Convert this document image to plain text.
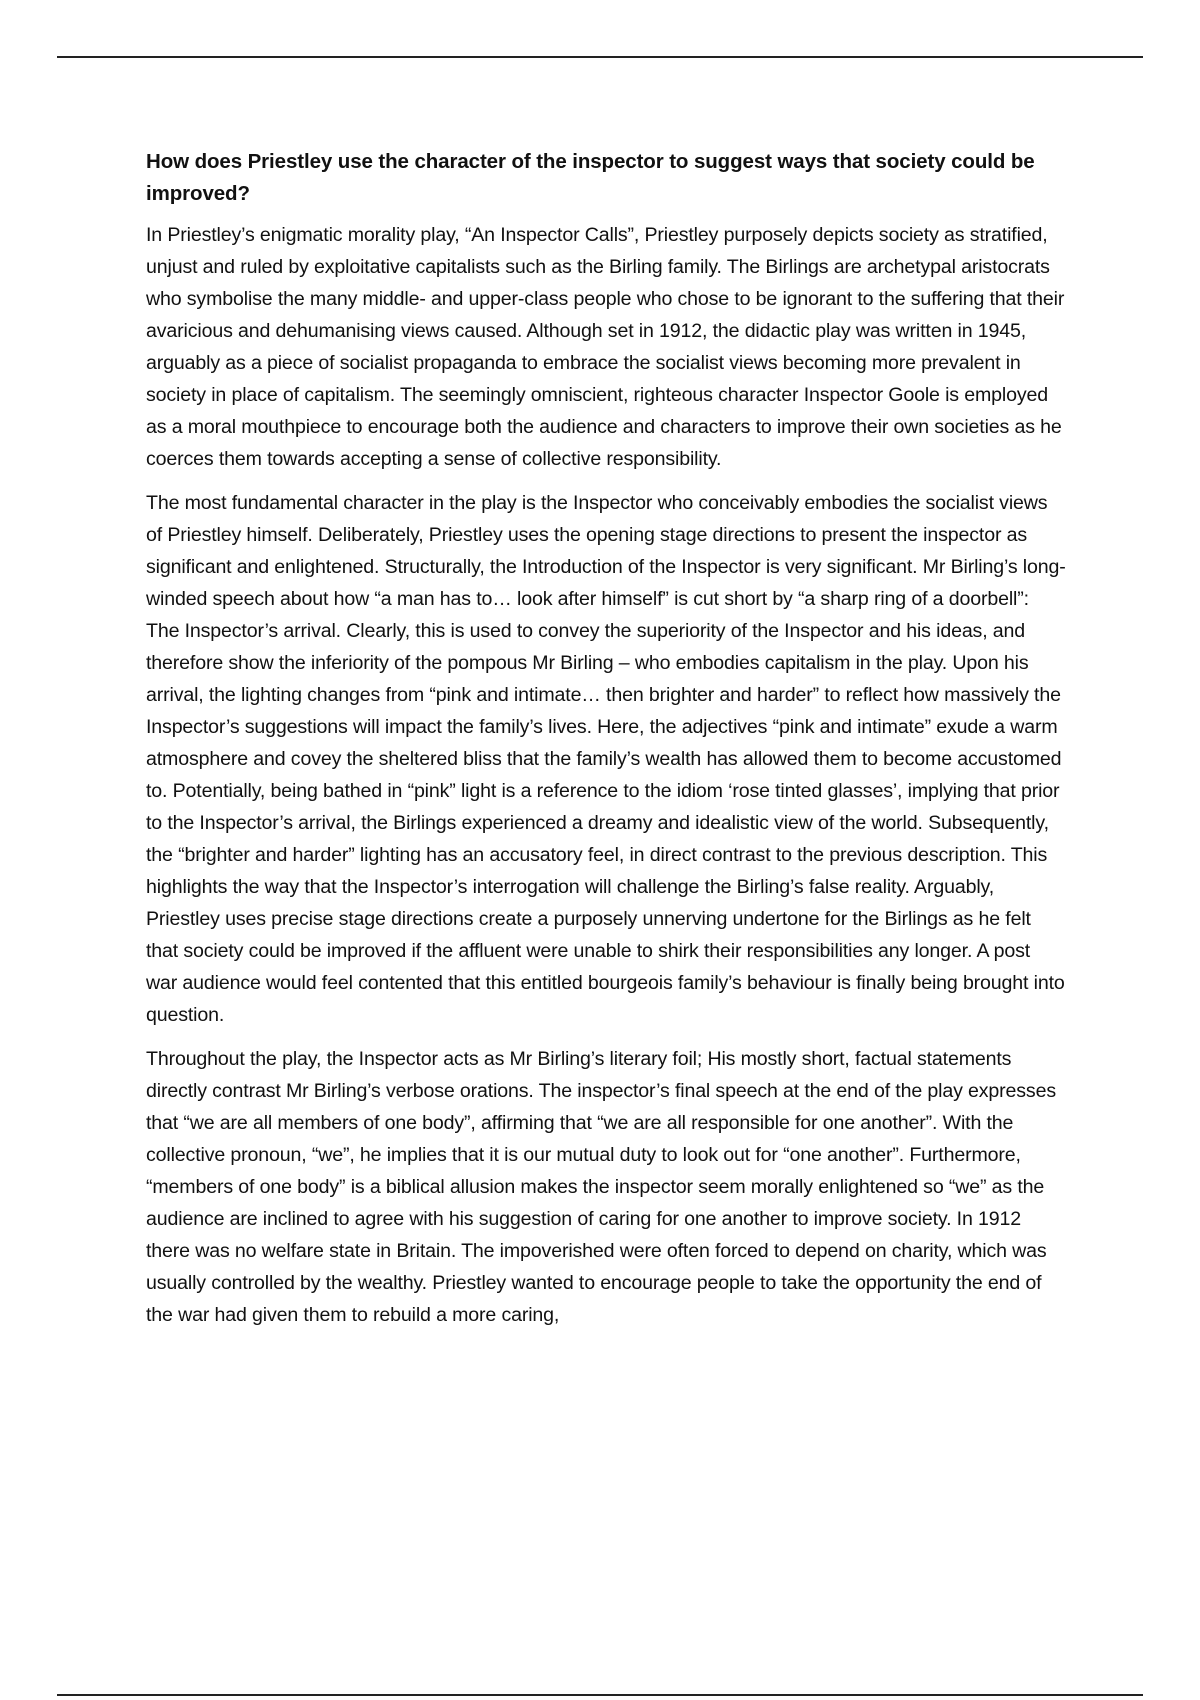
How does Priestley use the character of the inspector to suggest ways that society could be improved?

In Priestley’s enigmatic morality play, “An Inspector Calls”, Priestley purposely depicts society as stratified, unjust and ruled by exploitative capitalists such as the Birling family. The Birlings are archetypal aristocrats who symbolise the many middle- and upper-class people who chose to be ignorant to the suffering that their avaricious and dehumanising views caused. Although set in 1912, the didactic play was written in 1945, arguably as a piece of socialist propaganda to embrace the socialist views becoming more prevalent in society in place of capitalism. The seemingly omniscient, righteous character Inspector Goole is employed as a moral mouthpiece to encourage both the audience and characters to improve their own societies as he coerces them towards accepting a sense of collective responsibility.

The most fundamental character in the play is the Inspector who conceivably embodies the socialist views of Priestley himself. Deliberately, Priestley uses the opening stage directions to present the inspector as significant and enlightened. Structurally, the Introduction of the Inspector is very significant. Mr Birling’s long-winded speech about how “a man has to… look after himself” is cut short by “a sharp ring of a doorbell”: The Inspector’s arrival. Clearly, this is used to convey the superiority of the Inspector and his ideas, and therefore show the inferiority of the pompous Mr Birling – who embodies capitalism in the play. Upon his arrival, the lighting changes from “pink and intimate… then brighter and harder” to reflect how massively the Inspector’s suggestions will impact the family’s lives. Here, the adjectives “pink and intimate” exude a warm atmosphere and covey the sheltered bliss that the family’s wealth has allowed them to become accustomed to. Potentially, being bathed in “pink” light is a reference to the idiom ‘rose tinted glasses’, implying that prior to the Inspector’s arrival, the Birlings experienced a dreamy and idealistic view of the world. Subsequently, the “brighter and harder” lighting has an accusatory feel, in direct contrast to the previous description. This highlights the way that the Inspector’s interrogation will challenge the Birling’s false reality. Arguably, Priestley uses precise stage directions create a purposely unnerving undertone for the Birlings as he felt that society could be improved if the affluent were unable to shirk their responsibilities any longer. A post war audience would feel contented that this entitled bourgeois family’s behaviour is finally being brought into question.

Throughout the play, the Inspector acts as Mr Birling’s literary foil; His mostly short, factual statements directly contrast Mr Birling’s verbose orations. The inspector’s final speech at the end of the play expresses that “we are all members of one body”, affirming that “we are all responsible for one another”. With the collective pronoun, “we”, he implies that it is our mutual duty to look out for “one another”. Furthermore, “members of one body” is a biblical allusion makes the inspector seem morally enlightened so “we” as the audience are inclined to agree with his suggestion of caring for one another to improve society. In 1912 there was no welfare state in Britain. The impoverished were often forced to depend on charity, which was usually controlled by the wealthy. Priestley wanted to encourage people to take the opportunity the end of the war had given them to rebuild a more caring,
